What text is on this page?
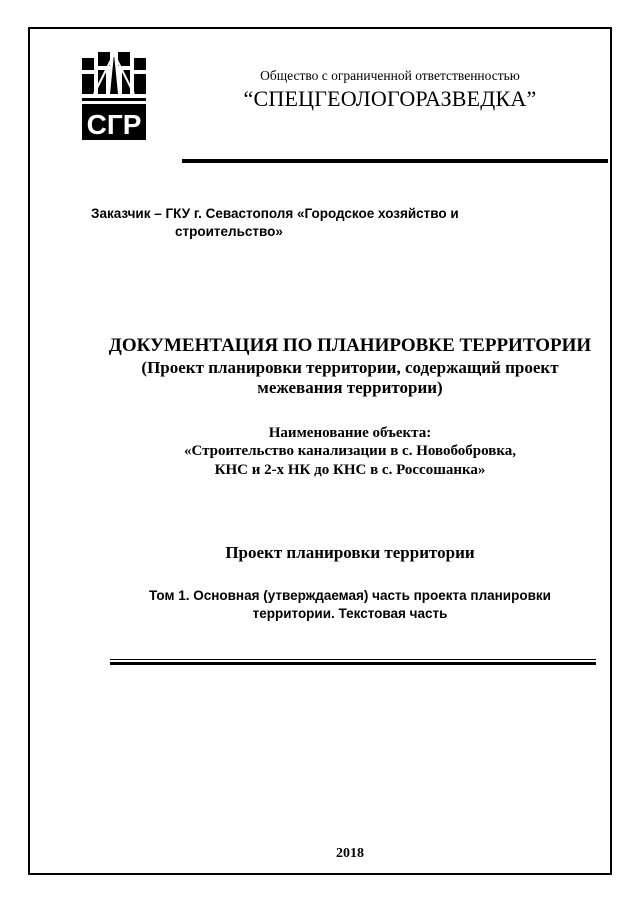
СГР
Общество с ограниченной ответственностью
“СПЕЦГЕОЛОГОРАЗВЕДКА”
Заказчик – ГКУ г. Севастополя «Городское хозяйство и
строительство»
ДОКУМЕНТАЦИЯ ПО ПЛАНИРОВКЕ ТЕРРИТОРИИ
(Проект планировки территории, содержащий проект
межевания территории)
Наименование объекта:
«Строительство канализации в с. Новобобровка,
КНС и 2-х НК до КНС в с. Россошанка»
Проект планировки территории
Том 1. Основная (утверждаемая) часть проекта планировки
территории. Текстовая часть
2018
